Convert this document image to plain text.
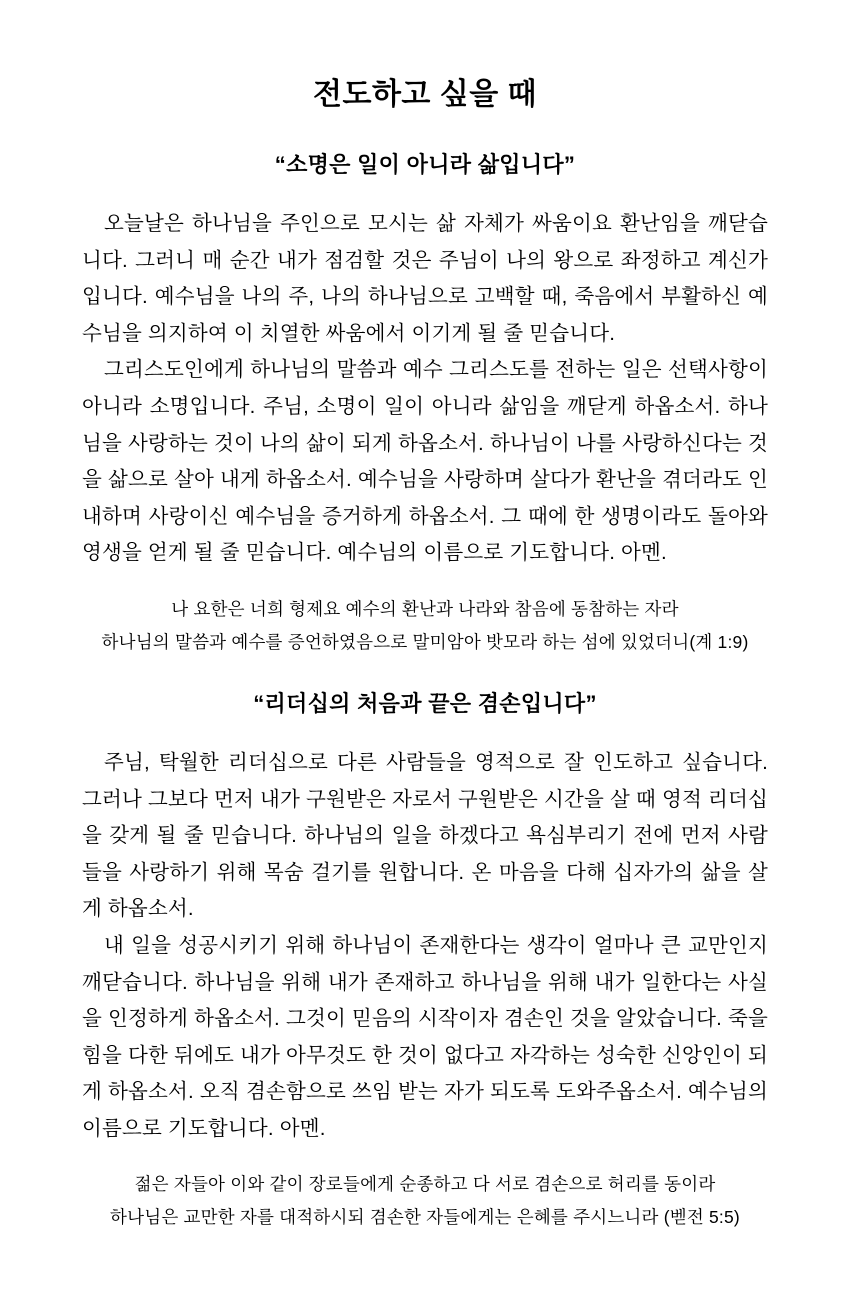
전도하고 싶을 때
“소명은 일이 아니라 삶입니다”

오늘날은 하나님을 주인으로 모시는 삶 자체가 싸움이요 환난임을 깨닫습니다. 그러니 매 순간 내가 점검할 것은 주님이 나의 왕으로 좌정하고 계신가 입니다. 예수님을 나의 주, 나의 하나님으로 고백할 때, 죽음에서 부활하신 예수님을 의지하여 이 치열한 싸움에서 이기게 될 줄 믿습니다.

그리스도인에게 하나님의 말씀과 예수 그리스도를 전하는 일은 선택사항이 아니라 소명입니다. 주님, 소명이 일이 아니라 삶임을 깨닫게 하옵소서. 하나님을 사랑하는 것이 나의 삶이 되게 하옵소서. 하나님이 나를 사랑하신다는 것을 삶으로 살아 내게 하옵소서. 예수님을 사랑하며 살다가 환난을 겪더라도 인내하며 사랑이신 예수님을 증거하게 하옵소서. 그 때에 한 생명이라도 돌아와 영생을 얻게 될 줄 믿습니다. 예수님의 이름으로 기도합니다. 아멘.

나 요한은 너희 형제요 예수의 환난과 나라와 참음에 동참하는 자라
하나님의 말씀과 예수를 증언하였음으로 말미암아 밧모라 하는 섬에 있었더니(계 1:9)
“리더십의 처음과 끝은 겸손입니다”

주님, 탁월한 리더십으로 다른 사람들을 영적으로 잘 인도하고 싶습니다. 그러나 그보다 먼저 내가 구원받은 자로서 구원받은 시간을 살 때 영적 리더십을 갖게 될 줄 믿습니다. 하나님의 일을 하겠다고 욕심부리기 전에 먼저 사람들을 사랑하기 위해 목숨 걸기를 원합니다. 온 마음을 다해 십자가의 삶을 살게 하옵소서.

내 일을 성공시키기 위해 하나님이 존재한다는 생각이 얼마나 큰 교만인지 깨닫습니다. 하나님을 위해 내가 존재하고 하나님을 위해 내가 일한다는 사실을 인정하게 하옵소서. 그것이 믿음의 시작이자 겸손인 것을 알았습니다. 죽을힘을 다한 뒤에도 내가 아무것도 한 것이 없다고 자각하는 성숙한 신앙인이 되게 하옵소서. 오직 겸손함으로 쓰임 받는 자가 되도록 도와주옵소서. 예수님의 이름으로 기도합니다. 아멘.

젊은 자들아 이와 같이 장로들에게 순종하고 다 서로 겸손으로 허리를 동이라
하나님은 교만한 자를 대적하시되 겸손한 자들에게는 은혜를 주시느니라 (벧전 5:5)
